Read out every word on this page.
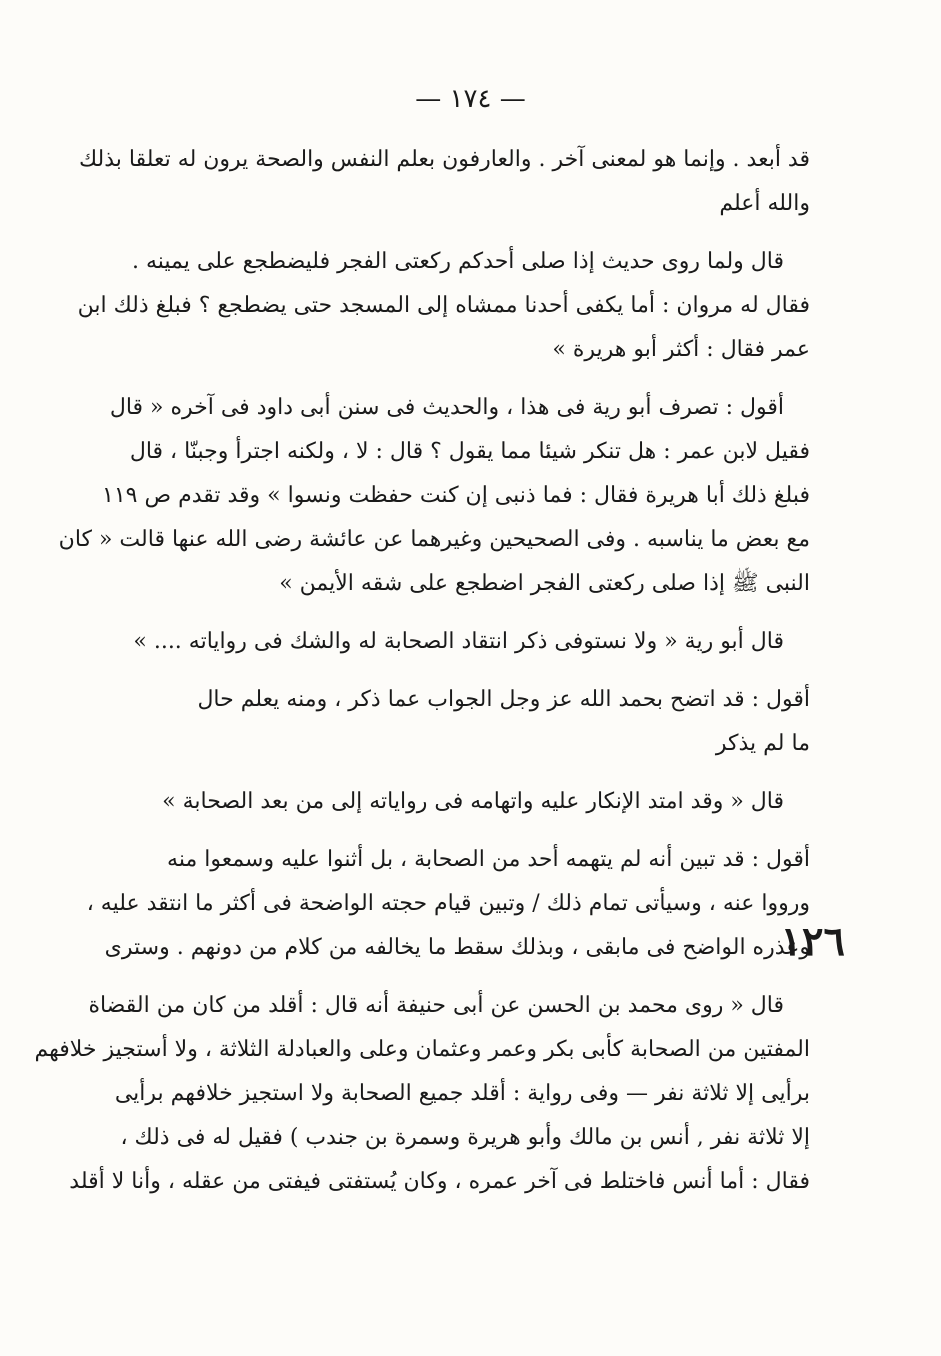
— ١٧٤ —
١٢٦
قد أبعد . وإنما هو لمعنى آخر . والعارفون بعلم النفس والصحة يرون له تعلقا بذلك
والله أعلم
قال ولما روى حديث إذا صلى أحدكم ركعتى الفجر فليضطجع على يمينه .
فقال له مروان : أما يكفى أحدنا ممشاه إلى المسجد حتى يضطجع ؟ فبلغ ذلك ابن
عمر فقال : أكثر أبو هريرة »
أقول : تصرف أبو رية فى هذا ، والحديث فى سنن أبى داود فى آخره « قال
فقيل لابن عمر : هل تنكر شيئا مما يقول ؟ قال : لا ، ولكنه اجترأ وجبنّا ، قال
فبلغ ذلك أبا هريرة فقال : فما ذنبى إن كنت حفظت ونسوا » وقد تقدم ص ١١٩
مع بعض ما يناسبه . وفى الصحيحين وغيرهما عن عائشة رضى الله عنها قالت « كان
النبى ﷺ إذا صلى ركعتى الفجر اضطجع على شقه الأيمن »
قال أبو رية « ولا نستوفى ذكر انتقاد الصحابة له والشك فى رواياته .... »
أقول : قد اتضح بحمد الله عز وجل الجواب عما ذكر ، ومنه يعلم حال
ما لم يذكر
قال « وقد امتد الإنكار عليه واتهامه فى رواياته إلى من بعد الصحابة »
أقول : قد تبين أنه لم يتهمه أحد من الصحابة ، بل أثنوا عليه وسمعوا منه
ورووا عنه ، وسيأتى تمام ذلك / وتبين قيام حجته الواضحة فى أكثر ما انتقد عليه ،
وعذره الواضح فى مابقى ، وبذلك سقط ما يخالفه من كلام من دونهم . وسترى
قال « روى محمد بن الحسن عن أبى حنيفة أنه قال : أقلد من كان من القضاة
المفتين من الصحابة كأبى بكر وعمر وعثمان وعلى والعبادلة الثلاثة ، ولا أستجيز خلافهم
برأيى إلا ثلاثة نفر — وفى رواية : أقلد جميع الصحابة ولا استجيز خلافهم برأيى
إلا ثلاثة نفر , أنس بن مالك وأبو هريرة وسمرة بن جندب ) فقيل له فى ذلك ،
فقال : أما أنس فاختلط فى آخر عمره ، وكان يُستفتى فيفتى من عقله ، وأنا لا أقلد
